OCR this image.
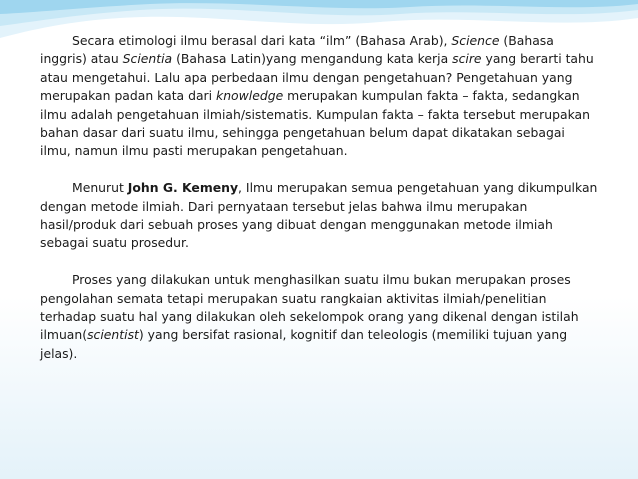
Secara etimologi ilmu berasal dari kata “ilm” (Bahasa Arab), Science (Bahasa inggris) atau Scientia (Bahasa Latin)yang mengandung kata kerja scire yang berarti tahu atau mengetahui. Lalu apa perbedaan ilmu dengan pengetahuan? Pengetahuan yang merupakan padan kata dari knowledge merupakan kumpulan fakta – fakta, sedangkan ilmu adalah pengetahuan ilmiah/sistematis. Kumpulan fakta – fakta tersebut merupakan bahan dasar dari suatu ilmu, sehingga pengetahuan belum dapat dikatakan sebagai ilmu, namun ilmu pasti merupakan pengetahuan.

Menurut John G. Kemeny, Ilmu merupakan semua pengetahuan yang dikumpulkan dengan metode ilmiah. Dari pernyataan tersebut jelas bahwa ilmu merupakan hasil/produk dari sebuah proses yang dibuat dengan menggunakan metode ilmiah sebagai suatu prosedur.

Proses yang dilakukan untuk menghasilkan suatu ilmu bukan merupakan proses pengolahan semata tetapi merupakan suatu rangkaian aktivitas ilmiah/penelitian terhadap suatu hal yang dilakukan oleh sekelompok orang yang dikenal dengan istilah ilmuan(scientist) yang bersifat rasional, kognitif dan teleologis (memiliki tujuan yang jelas).
